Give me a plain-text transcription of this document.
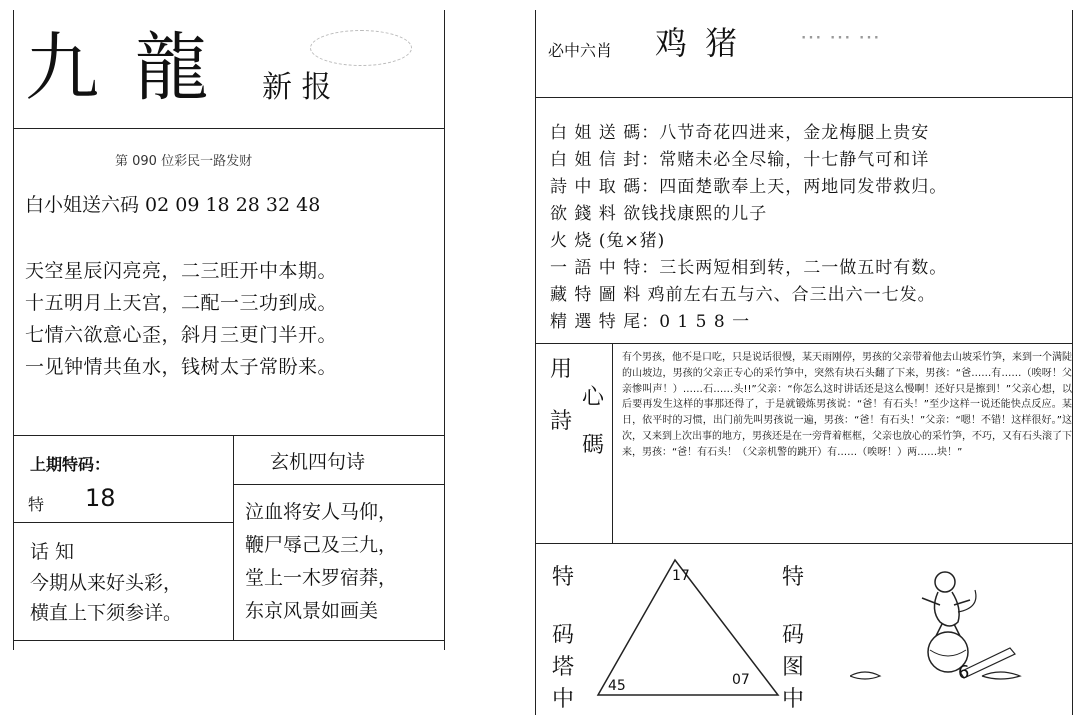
九 龍 新 报
第 090 位彩民一路发财
白小姐送六码 02 09 18 28 32 48
天空星辰闪亮亮，二三旺开中本期。
十五明月上天宫，二配一三功到成。
七情六欲意心歪，斜月三更门半开。
一见钟情共鱼水，钱树太子常盼来。
上期特码：
特 18
话 知
今期从来好头彩，
横直上下须参详。
玄机四句诗
泣血将安人马仰，
鞭尸辱己及三九，
堂上一木罗宿莽，
东京风景如画美
必中六肖 鸡 猪	⋯ ⋯ ⋯
白 姐 送 碼：八节奇花四进来，金龙梅腿上贵安
白 姐 信 封：常赌未必全尽输，十七静气可和详
詩 中 取 碼：四面楚歌奉上天，两地同发带救归。
欲 錢 料 欲钱找康熙的儿子
火 烧 (兔×猪)
一 語 中 特：三长两短相到转，二一做五时有数。
藏 特 圖 料 鸡前左右五与六、合三出六一七发。
精 選 特 尾：0 1 5 8 一
用
心
詩
碼
有个男孩，他不是口吃，只是说话很慢，某天雨刚停，男孩的父亲带着他去山坡采竹笋，来到一个满陡的山坡边，男孩的父亲正专心的采竹笋中，突然有块石头翻了下来，男孩：“爸……有……（唉呀！父亲惨叫声！）……石……头!!”父亲：“你怎么这时讲话还是这么慢啊！还好只是擦到！”父亲心想，以后要再发生这样的事那还得了，于是就锻炼男孩说：“爸！有石头！”至少这样一说还能快点反应。某日，依平时的习惯，出门前先叫男孩说一遍，男孩：“爸！有石头！”父亲：“嗯！不错！这样很好。”这次，又来到上次出事的地方，男孩还是在一旁背着框框，父亲也放心的采竹笋，不巧，又有石头滚了下来，男孩：“爸！有石头！（父亲机警的跳开）有……（唉呀！）两……块！”
特
码
塔
中
17
45	07
特
码
图
中
6
